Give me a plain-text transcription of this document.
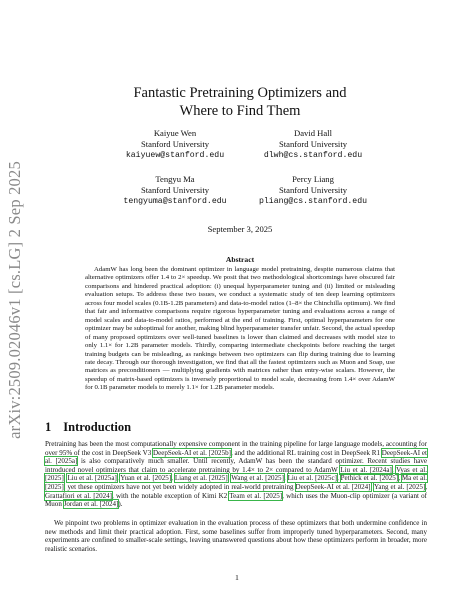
arXiv:2509.02046v1 [cs.LG] 2 Sep 2025
Fantastic Pretraining Optimizers and
Where to Find Them
Kaiyue Wen
Stanford University
kaiyuew@stanford.edu
David Hall
Stanford University
dlwh@cs.stanford.edu
Tengyu Ma
Stanford University
tengyuma@stanford.edu
Percy Liang
Stanford University
pliang@cs.stanford.edu
September 3, 2025
Abstract
AdamW has long been the dominant optimizer in language model pretraining, despite numerous claims that alternative optimizers offer 1.4 to 2× speedup. We posit that two methodological shortcomings have obscured fair comparisons and hindered practical adoption: (i) unequal hyperparameter tuning and (ii) limited or misleading evaluation setups. To address these two issues, we conduct a systematic study of ten deep learning optimizers across four model scales (0.1B-1.2B parameters) and data-to-model ratios (1–8× the Chinchilla optimum). We find that fair and informative comparisons require rigorous hyperparameter tuning and evaluations across a range of model scales and data-to-model ratios, performed at the end of training. First, optimal hyperparameters for one optimizer may be suboptimal for another, making blind hyperparameter transfer unfair. Second, the actual speedup of many proposed optimizers over well-tuned baselines is lower than claimed and decreases with model size to only 1.1× for 1.2B parameter models. Thirdly, comparing intermediate checkpoints before reaching the target training budgets can be misleading, as rankings between two optimizers can flip during training due to learning rate decay. Through our thorough investigation, we find that all the fastest optimizers such as Muon and Soap, use matrices as preconditioners — multiplying gradients with matrices rather than entry-wise scalars. However, the speedup of matrix-based optimizers is inversely proportional to model scale, decreasing from 1.4× over AdamW for 0.1B parameter models to merely 1.1× for 1.2B parameter models.
1 Introduction
Pretraining has been the most computationally expensive component in the training pipeline for large language models, accounting for over 95% of the cost in DeepSeek V3 DeepSeek-AI et al. [2025b], and the additional RL training cost in DeepSeek R1 DeepSeek-AI et al. [2025a] is also comparatively much smaller. Until recently, AdamW has been the standard optimizer. Recent studies have introduced novel optimizers that claim to accelerate pretraining by 1.4× to 2× compared to AdamW Liu et al. [2024a], Vyas et al. [2025], Liu et al. [2025a], Yuan et al. [2025], Liang et al. [2025], Wang et al. [2025], Liu et al. [2025c], Pethick et al. [2025], Ma et al. [2025], yet these optimizers have not yet been widely adopted in real-world pretraining DeepSeek-AI et al. [2024], Yang et al. [2025], Grattafiori et al. [2024], with the notable exception of Kimi K2 Team et al. [2025], which uses the Muon-clip optimizer (a variant of Muon Jordan et al. [2024]).
We pinpoint two problems in optimizer evaluation in the evaluation process of these optimizers that both undermine confidence in new methods and limit their practical adoption. First, some baselines suffer from improperly tuned hyperparameters. Second, many experiments are confined to smaller-scale settings, leaving unanswered questions about how these optimizers perform in broader, more realistic scenarios.
1
